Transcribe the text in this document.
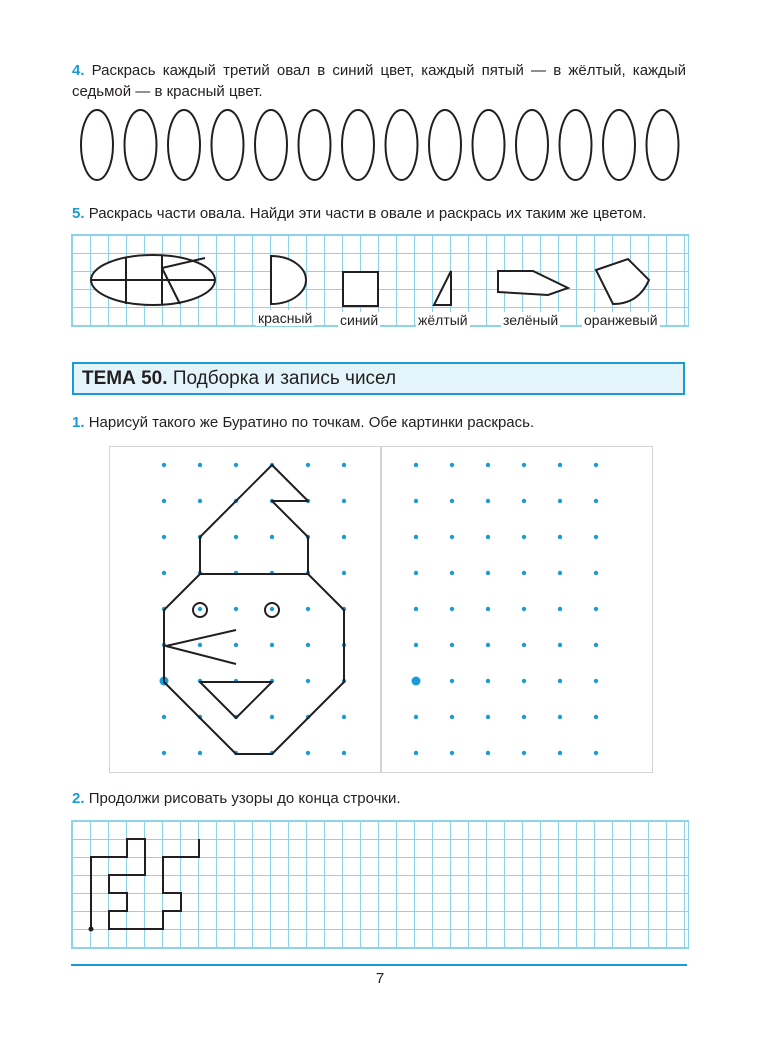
4. Раскрась каждый третий овал в синий цвет, каждый пятый — в жёлтый, каждый седьмой — в красный цвет.
5. Раскрась части овала. Найди эти части в овале и раскрась их таким же цветом.
красный синий	жёлтый	зелёный оранжевый
ТЕМА 50. Подборка и запись чисел
1. Нарисуй такого же Буратино по точкам. Обе картинки раскрась.
2. Продолжи рисовать узоры до конца строчки.
7
